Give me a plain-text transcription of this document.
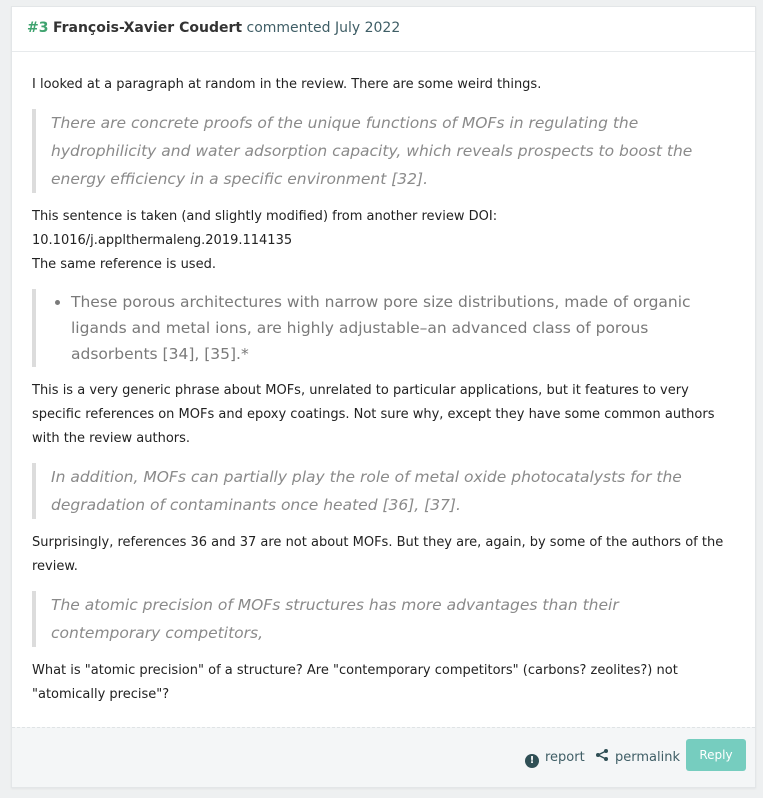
#3 François-Xavier Coudert commented July 2022

I looked at a paragraph at random in the review. There are some weird things.

There are concrete proofs of the unique functions of MOFs in regulating the hydrophilicity and water adsorption capacity, which reveals prospects to boost the energy efficiency in a specific environment [32].

This sentence is taken (and slightly modified) from another review DOI: 10.1016/j.applthermaleng.2019.114135

The same reference is used.

• These porous architectures with narrow pore size distributions, made of organic ligands and metal ions, are highly adjustable–an advanced class of porous adsorbents [34], [35].*

This is a very generic phrase about MOFs, unrelated to particular applications, but it features to very specific references on MOFs and epoxy coatings. Not sure why, except they have some common authors with the review authors.

In addition, MOFs can partially play the role of metal oxide photocatalysts for the degradation of contaminants once heated [36], [37].

Surprisingly, references 36 and 37 are not about MOFs. But they are, again, by some of the authors of the review.

The atomic precision of MOFs structures has more advantages than their contemporary competitors,

What is "atomic precision" of a structure? Are "contemporary competitors" (carbons? zeolites?) not "atomically precise"?

! report	permalink	Reply
